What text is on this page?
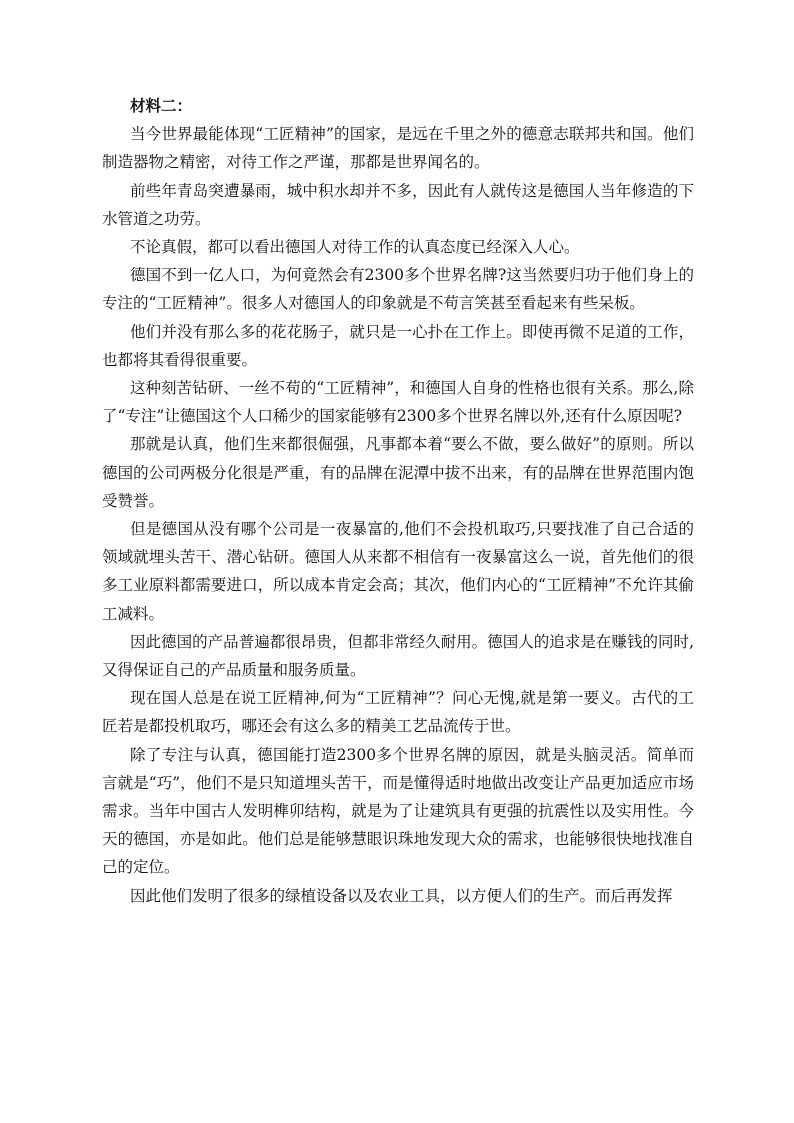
材料二：

当今世界最能体现“工匠精神”的国家，是远在千里之外的德意志联邦共和国。他们制造器物之精密，对待工作之严谨，那都是世界闻名的。

前些年青岛突遭暴雨，城中积水却并不多，因此有人就传这是德国人当年修造的下水管道之功劳。

不论真假，都可以看出德国人对待工作的认真态度已经深入人心。

德国不到一亿人口，为何竟然会有2300多个世界名牌?这当然要归功于他们身上的专注的“工匠精神”。很多人对德国人的印象就是不苟言笑甚至看起来有些呆板。

他们并没有那么多的花花肠子，就只是一心扑在工作上。即使再微不足道的工作，也都将其看得很重要。

这种刻苦钻研、一丝不苟的“工匠精神”，和德国人自身的性格也很有关系。那么,除了“专注”让德国这个人口稀少的国家能够有2300多个世界名牌以外,还有什么原因呢?

那就是认真，他们生来都很倔强，凡事都本着“要么不做，要么做好”的原则。所以德国的公司两极分化很是严重，有的品牌在泥潭中拔不出来，有的品牌在世界范围内饱受赞誉。

但是德国从没有哪个公司是一夜暴富的,他们不会投机取巧,只要找准了自己合适的领域就埋头苦干、潜心钻研。德国人从来都不相信有一夜暴富这么一说，首先他们的很多工业原料都需要进口，所以成本肯定会高；其次，他们内心的“工匠精神”不允许其偷工减料。

因此德国的产品普遍都很昂贵，但都非常经久耐用。德国人的追求是在赚钱的同时,又得保证自己的产品质量和服务质量。

现在国人总是在说工匠精神,何为“工匠精神”？问心无愧,就是第一要义。古代的工匠若是都投机取巧，哪还会有这么多的精美工艺品流传于世。

除了专注与认真，德国能打造2300多个世界名牌的原因，就是头脑灵活。简单而言就是“巧”，他们不是只知道埋头苦干，而是懂得适时地做出改变让产品更加适应市场需求。当年中国古人发明榫卯结构，就是为了让建筑具有更强的抗震性以及实用性。今天的德国，亦是如此。他们总是能够慧眼识珠地发现大众的需求，也能够很快地找准自己的定位。

因此他们发明了很多的绿植设备以及农业工具，以方便人们的生产。而后再发挥
